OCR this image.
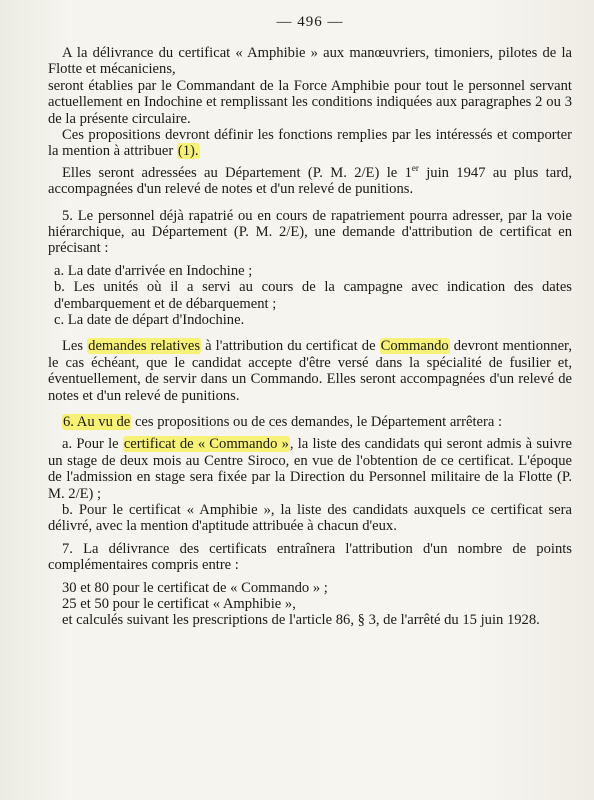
— 496 —

A la délivrance du certificat « Amphibie » aux manœuvriers, timoniers, pilotes de la Flotte et mécaniciens,

seront établies par le Commandant de la Force Amphibie pour tout le personnel servant actuellement en Indochine et remplissant les conditions indiquées aux paragraphes 2 ou 3 de la présente circulaire.

Ces propositions devront définir les fonctions remplies par les intéressés et comporter la mention à attribuer (1).

Elles seront adressées au Département (P. M. 2/E) le 1er juin 1947 au plus tard, accompagnées d'un relevé de notes et d'un relevé de punitions.

5. Le personnel déjà rapatrié ou en cours de rapatriement pourra adresser, par la voie hiérarchique, au Département (P. M. 2/E), une demande d'attribution de certificat en précisant :

a. La date d'arrivée en Indochine ;

b. Les unités où il a servi au cours de la campagne avec indication des dates d'embarquement et de débarquement ;

c. La date de départ d'Indochine.

Les demandes relatives à l'attribution du certificat de Commando devront mentionner, le cas échéant, que le candidat accepte d'être versé dans la spécialité de fusilier et, éventuellement, de servir dans un Commando. Elles seront accompagnées d'un relevé de notes et d'un relevé de punitions.

6. Au vu de ces propositions ou de ces demandes, le Département arrêtera :

a. Pour le certificat de « Commando », la liste des candidats qui seront admis à suivre un stage de deux mois au Centre Siroco, en vue de l'obtention de ce certificat. L'époque de l'admission en stage sera fixée par la Direction du Personnel militaire de la Flotte (P. M. 2/E) ;

b. Pour le certificat « Amphibie », la liste des candidats auxquels ce certificat sera délivré, avec la mention d'aptitude attribuée à chacun d'eux.

7. La délivrance des certificats entraînera l'attribution d'un nombre de points complémentaires compris entre :

30 et 80 pour le certificat de « Commando » ;

25 et 50 pour le certificat « Amphibie »,

et calculés suivant les prescriptions de l'article 86, § 3, de l'arrêté du 15 juin 1928.
